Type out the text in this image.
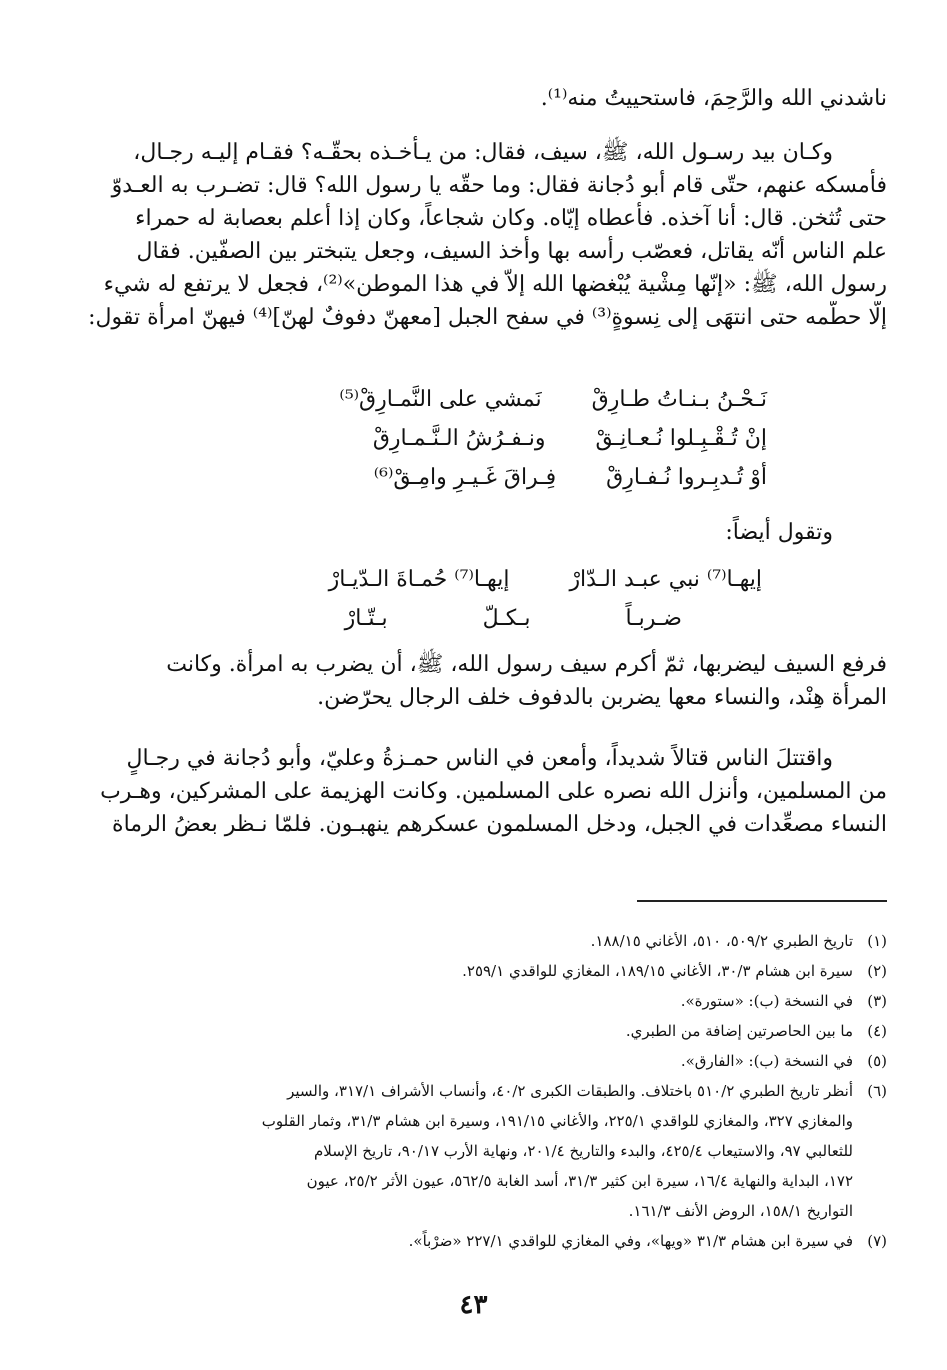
ناشدني الله والرَّحِمَ، فاستحييتُ منه⁽¹⁾.

وكـان بيد رسـول الله، ﷺ، سيف، فقال: من يـأخـذه بحقّـه؟ فقـام إليـه رجـال،
فأمسكه عنهم، حتّى قام أبو دُجانة فقال: وما حقّه يا رسول الله؟ قال: تضـرب به العـدوّ
حتى تُثخن. قال: أنا آخذه. فأعطاه إيّاه. وكان شجاعاً، وكان إذا أعلم بعصابة له حمراء
علم الناس أنّه يقاتل، فعصّب رأسه بها وأخذ السيف، وجعل يتبختر بين الصفّين. فقال
رسول الله، ﷺ: «إنّها مِشْية يُبْغضها الله إلاّ في هذا الموطن»⁽²⁾، فجعل لا يرتفع له شيء
إلّا حطّمه حتى انتهَى إلى نِسوةٍ⁽³⁾ في سفح الجبل [معهنّ دفوفٌ لهنّ]⁽⁴⁾ فيهنّ امرأة تقول:

نَـحْـنُ بـنـاتُ طـارِقْ
نَمشي على النَّمـارِقْ⁽⁵⁾
إنْ تُـقْـبِـلوا نُـعـانِـقْ
ونـفـرُشُ الـنَّـمـارِقْ
أوْ تُـدبِـروا نُـفـارِقْ
فِـراقَ غَـيـرِ وامِـقْ⁽⁶⁾

وتقول أيضاً:

إيهـا⁽⁷⁾ نبي عبـد الـدّارْ
إيهـا⁽⁷⁾ حُمـاةَ الـدّيـارْ
ضـربـاً
بـكـلّ
بـتّـارْ

فرفع السيف ليضربها، ثمّ أكرم سيف رسول الله، ﷺ، أن يضرب به امرأة. وكانت
المرأة هِنْد، والنساء معها يضربن بالدفوف خلف الرجال يحرّضن.

واقتتلَ الناس قتالاً شديداً، وأمعن في الناس حمـزةُ وعليّ، وأبو دُجانة في رجـالٍ
من المسلمين، وأنزل الله نصره على المسلمين. وكانت الهزيمة على المشركين، وهـرب
النساء مصعِّدات في الجبل، ودخل المسلمون عسكرهم ينهبـون. فلمّا نـظر بعضُ الرماة

(١)
تاريخ الطبري ٥٠٩/٢، ٥١٠، الأغاني ١٨٨/١٥.
(٢)
سيرة ابن هشام ٣٠/٣، الأغاني ١٨٩/١٥، المغازي للواقدي ٢٥٩/١.
(٣)
في النسخة (ب): «ستورة».
(٤)
ما بين الحاصرتين إضافة من الطبري.
(٥)
في النسخة (ب): «الفارق».
(٦)
أنظر تاريخ الطبري ٥١٠/٢ باختلاف. والطبقات الكبرى ٤٠/٢، وأنساب الأشراف ٣١٧/١، والسير
والمغازي ٣٢٧، والمغازي للواقدي ٢٢٥/١، والأغاني ١٩١/١٥، وسيرة ابن هشام ٣١/٣، وثمار القلوب
للثعالبي ٩٧، والاستيعاب ٤٢٥/٤، والبدء والتاريخ ٢٠١/٤، ونهاية الأرب ٩٠/١٧، تاريخ الإسلام
١٧٢، البداية والنهاية ١٦/٤، سيرة ابن كثير ٣١/٣، أسد الغابة ٥٦٢/٥، عيون الأثر ٢٥/٢، عيون
التواريخ ١٥٨/١، الروض الأنف ١٦١/٣.
(٧)
في سيرة ابن هشام ٣١/٣ «ويها»، وفي المغازي للواقدي ٢٢٧/١ «ضرْباً».
٤٣
